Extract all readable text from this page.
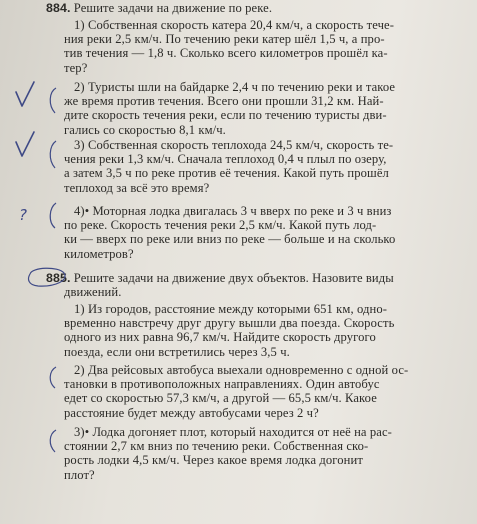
884. Решите задачи на движение по реке.
1) Собственная скорость катера 20,4 км/ч, а скорость тече-
ния реки 2,5 км/ч. По течению реки катер шёл 1,5 ч, а про-
тив течения — 1,8 ч. Сколько всего километров прошёл ка-
тер?
2) Туристы шли на байдарке 2,4 ч по течению реки и такое
же время против течения. Всего они прошли 31,2 км. Най-
дите скорость течения реки, если по течению туристы дви-
гались со скоростью 8,1 км/ч.
3) Собственная скорость теплохода 24,5 км/ч, скорость те-
чения реки 1,3 км/ч. Сначала теплоход 0,4 ч плыл по озеру,
а затем 3,5 ч по реке против её течения. Какой путь прошёл
теплоход за всё это время?
4)• Моторная лодка двигалась 3 ч вверх по реке и 3 ч вниз
по реке. Скорость течения реки 2,5 км/ч. Какой путь лод-
ки — вверх по реке или вниз по реке — больше и на сколько
километров?
885. Решите задачи на движение двух объектов. Назовите виды
движений.
1) Из городов, расстояние между которыми 651 км, одно-
временно навстречу друг другу вышли два поезда. Скорость
одного из них равна 96,7 км/ч. Найдите скорость другого
поезда, если они встретились через 3,5 ч.
2) Два рейсовых автобуса выехали одновременно с одной ос-
тановки в противоположных направлениях. Один автобус
едет со скоростью 57,3 км/ч, а другой — 65,5 км/ч. Какое
расстояние будет между автобусами через 2 ч?
3)• Лодка догоняет плот, который находится от неё на рас-
стоянии 2,7 км вниз по течению реки. Собственная ско-
рость лодки 4,5 км/ч. Через какое время лодка догонит
плот?
?
